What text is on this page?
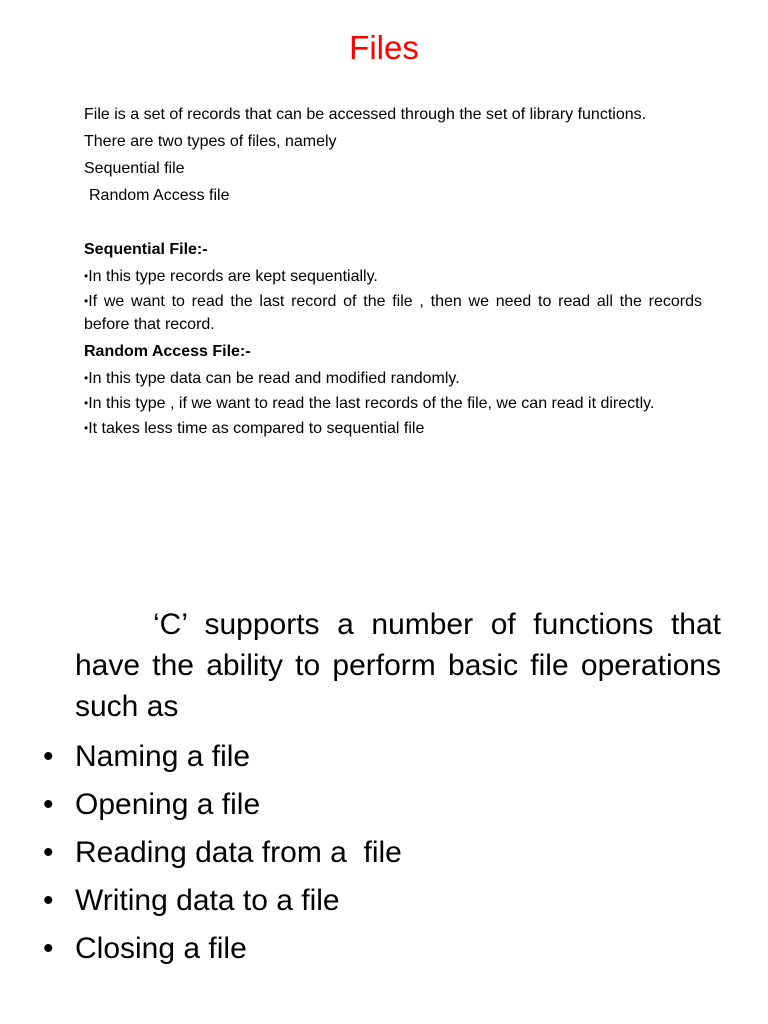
Files
File is a set of records that can be accessed through the set of library functions.
There are two types of files, namely
Sequential file
Random Access file
Sequential File:-
•In this type records are kept sequentially.
•If we want to read the last record of the file , then we need to read all the records before that record.
Random Access File:-
•In this type data can be read and modified randomly.
•In this type , if we want to read the last records of the file, we can read it directly.
•It takes less time as compared to sequential file

‘C’ supports a number of functions that have the ability to perform basic file operations such as

• Naming a file
• Opening a file
• Reading data from a  file
• Writing data to a file
• Closing a file
